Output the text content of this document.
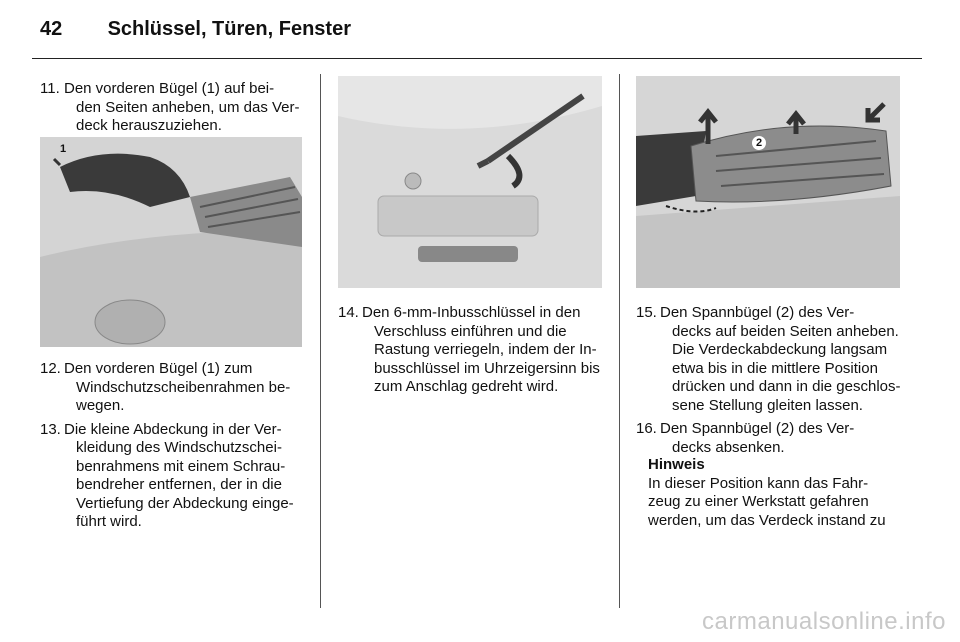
42 Schlüssel, Türen, Fenster
11. Den vorderen Bügel (1) auf bei-
den Seiten anheben, um das Ver- deck herauszuziehen.
1
12. Den vorderen Bügel (1) zum
Windschutzscheibenrahmen be- wegen.
13. Die kleine Abdeckung in der Ver-
kleidung des Windschutzschei- benrahmens mit einem Schrau- bendreher entfernen, der in die Vertiefung der Abdeckung einge- führt wird.
14. Den 6-mm-Inbusschlüssel in den
Verschluss einführen und die Rastung verriegeln, indem der In- busschlüssel im Uhrzeigersinn bis zum Anschlag gedreht wird.
2
15. Den Spannbügel (2) des Ver-
decks auf beiden Seiten anheben. Die Verdeckabdeckung langsam etwa bis in die mittlere Position drücken und dann in die geschlos- sene Stellung gleiten lassen.
16. Den Spannbügel (2) des Ver-
decks absenken.
Hinweis
In dieser Position kann das Fahr- zeug zu einer Werkstatt gefahren werden, um das Verdeck instand zu
carmanualsonline.info
